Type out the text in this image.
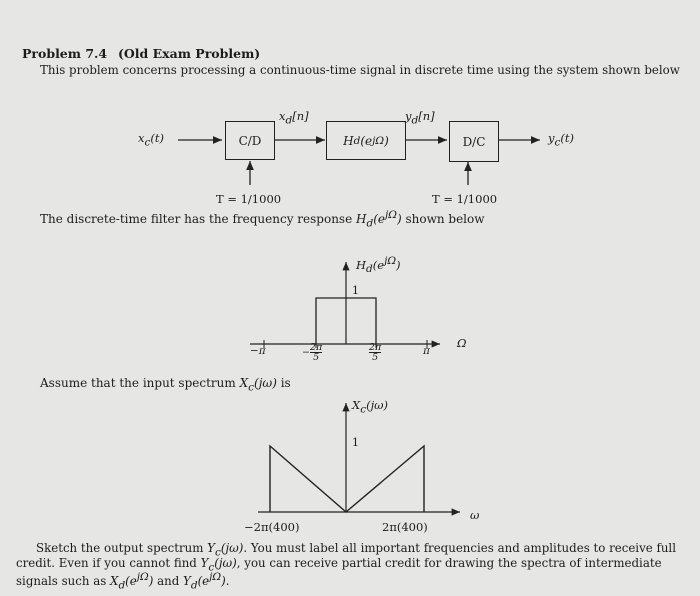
Problem 7.4 (Old Exam Problem)
This problem concerns processing a continuous-time signal in discrete time using the system shown below
$x_c(t)$	C/D
$x_d[n]$
H d (e jΩ )
$y_d[n]$
D/C	$y_c(t)$
T = 1/1000	T = 1/1000
The discrete-time filter has the frequency response $H_d(e^{j\Omega})$ shown below
$H_d(e^{j\Omega})$
1
Ω
−π	− $\frac{2\pi}{5}$	$\frac{2\pi}{5}$	π
Assume that the input spectrum $X_c(j\omega)$ is
$X_c(j\omega)$
1
ω
−2π(400)	2π(400)
Sketch the output spectrum $Y_c(j\omega)$. You must label all important frequencies and amplitudes to receive full
credit. Even if you cannot find $Y_c(j\omega)$, you can receive partial credit for drawing the spectra of intermediate
signals such as $X_d(e^{j\Omega})$ and $Y_d(e^{j\Omega})$.
